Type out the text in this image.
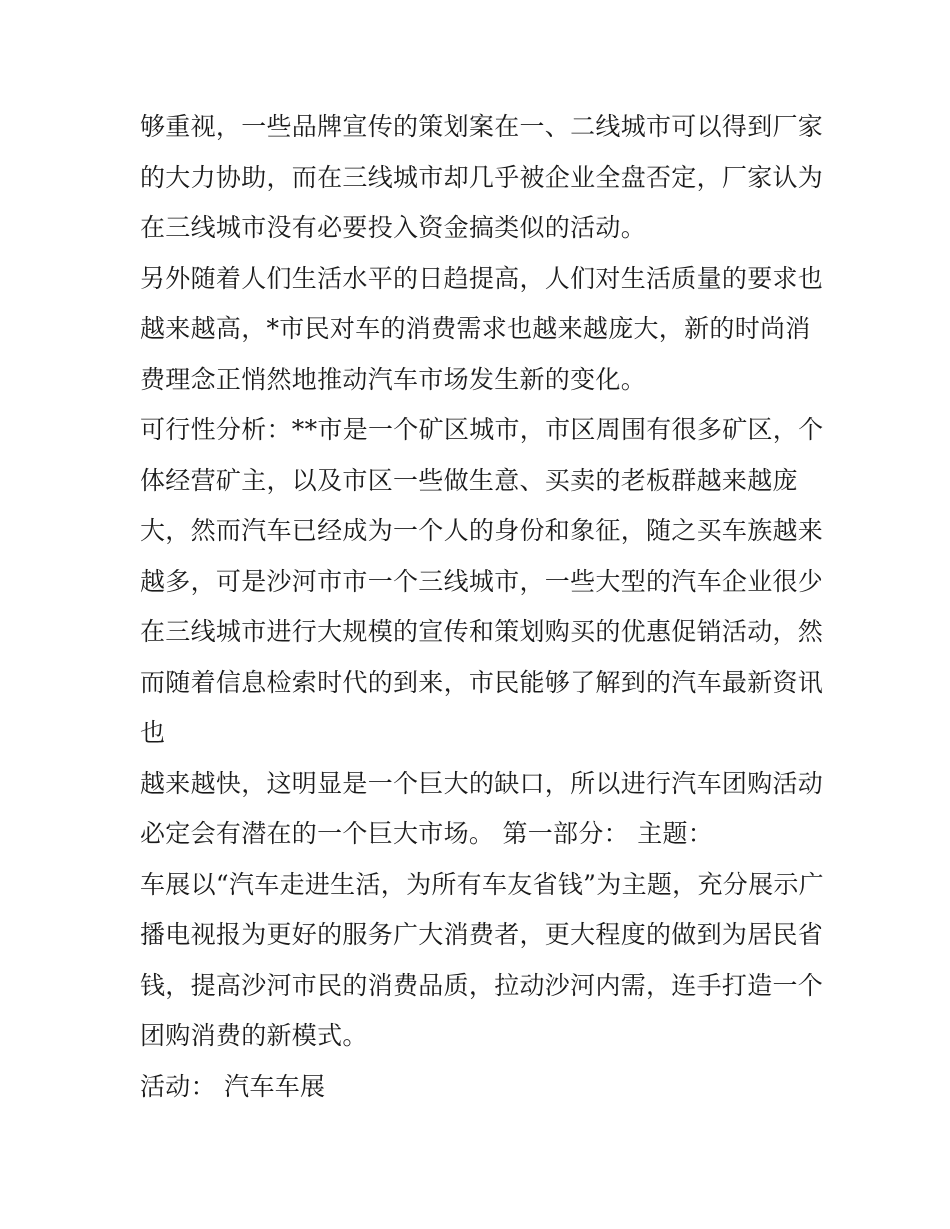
够重视，一些品牌宣传的策划案在一、二线城市可以得到厂家
的大力协助，而在三线城市却几乎被企业全盘否定，厂家认为
在三线城市没有必要投入资金搞类似的活动。
另外随着人们生活水平的日趋提高，人们对生活质量的要求也
越来越高，*市民对车的消费需求也越来越庞大，新的时尚消
费理念正悄然地推动汽车市场发生新的变化。
可行性分析：**市是一个矿区城市，市区周围有很多矿区，个
体经营矿主，以及市区一些做生意、买卖的老板群越来越庞
大，然而汽车已经成为一个人的身份和象征，随之买车族越来
越多，可是沙河市市一个三线城市，一些大型的汽车企业很少
在三线城市进行大规模的宣传和策划购买的优惠促销活动，然
而随着信息检索时代的到来，市民能够了解到的汽车最新资讯
也
越来越快，这明显是一个巨大的缺口，所以进行汽车团购活动
必定会有潜在的一个巨大市场。 第一部分： 主题：
车展以“汽车走进生活，为所有车友省钱”为主题，充分展示广
播电视报为更好的服务广大消费者，更大程度的做到为居民省
钱，提高沙河市民的消费品质，拉动沙河内需，连手打造一个
团购消费的新模式。
活动： 汽车车展
